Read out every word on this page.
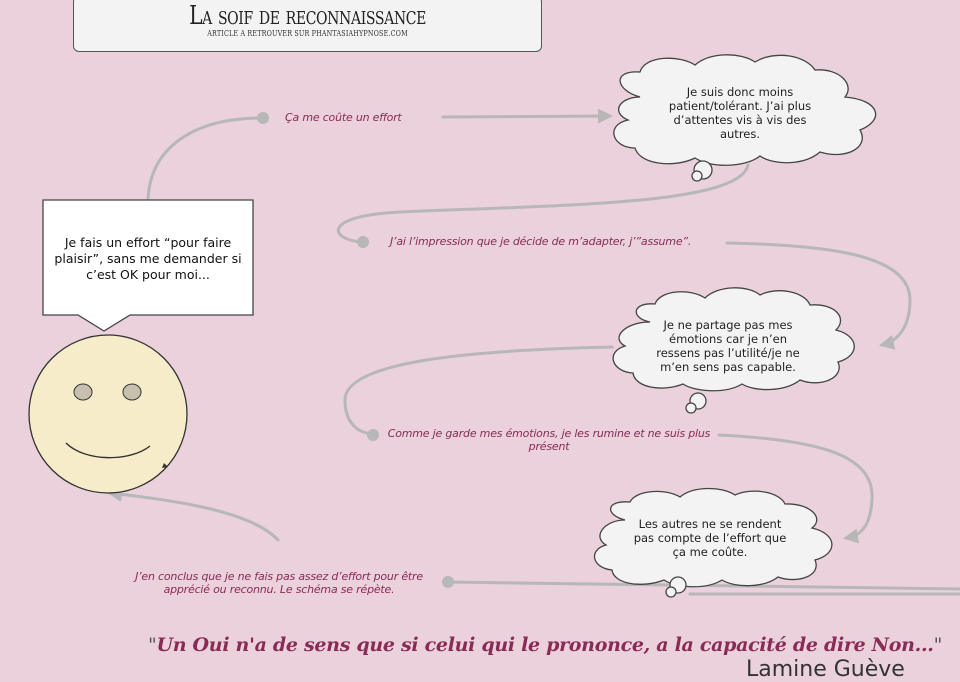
La soif de reconnaissance
ARTICLE À RETROUVER SUR PHANTASIAHYPNOSE.COM
Je fais un effort “pour faire plaisir”, sans me demander si c’est OK pour moi...
Ça me coûte un effort
J’ai l’impression que je décide de m’adapter, j’”assume”.
Comme je garde mes émotions, je les rumine et ne suis plus présent
J’en conclus que je ne fais pas assez d’effort pour être apprécié ou reconnu. Le schéma se répète.
Je suis donc moins patient/tolérant. J’ai plus d’attentes vis à vis des autres.
Je ne partage pas mes émotions car je n’en ressens pas l’utilité/je ne m’en sens pas capable.
Les autres ne se rendent pas compte de l’effort que ça me coûte.
"Un Oui n'a de sens que si celui qui le prononce, a la capacité de dire Non..."
Lamine Guève
